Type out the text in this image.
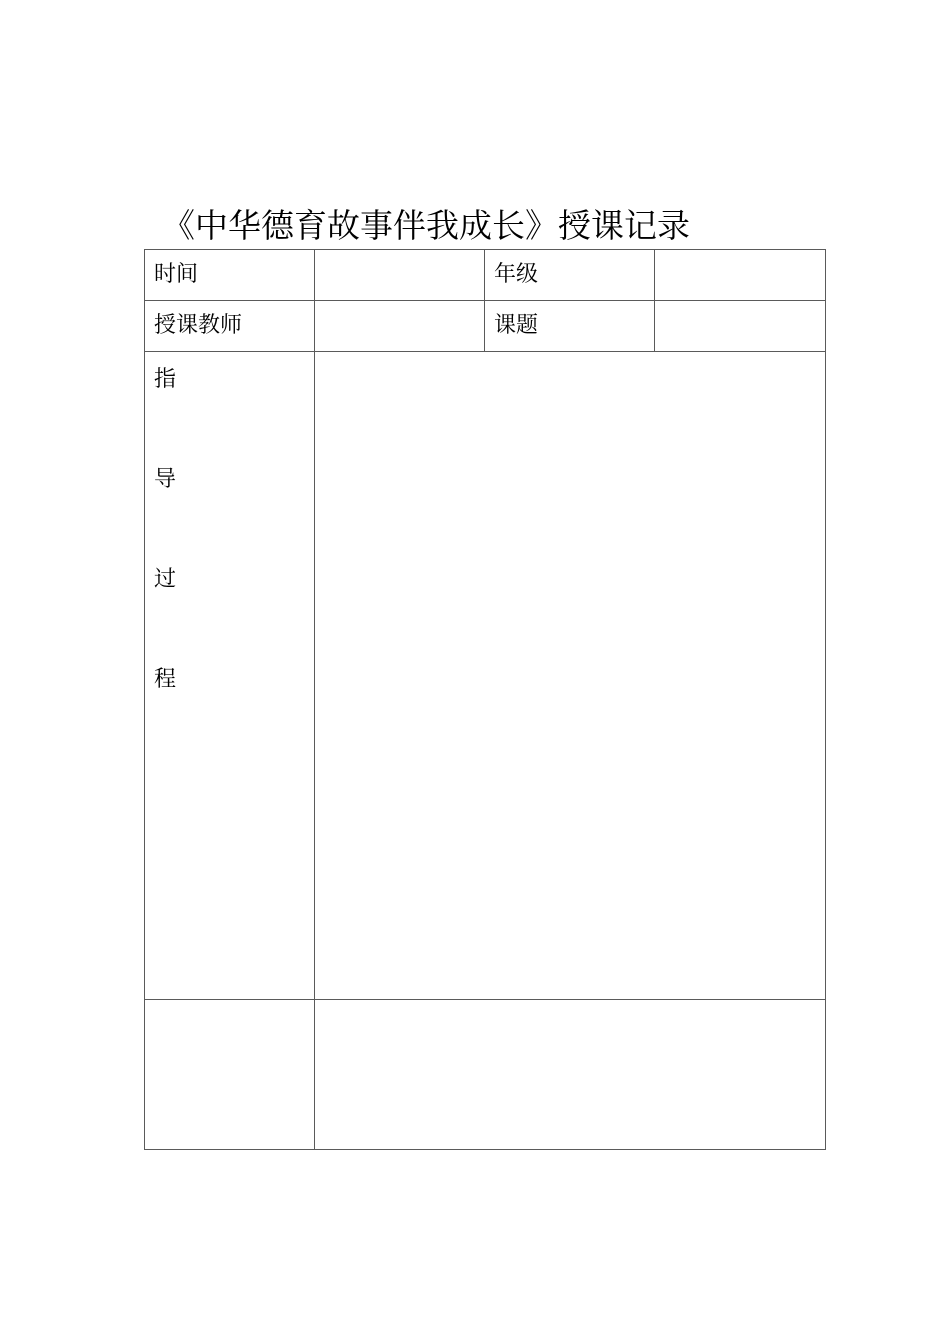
《中华德育故事伴我成长》授课记录
时间		年级	

授课教师		课题	

指
导
过
程			
